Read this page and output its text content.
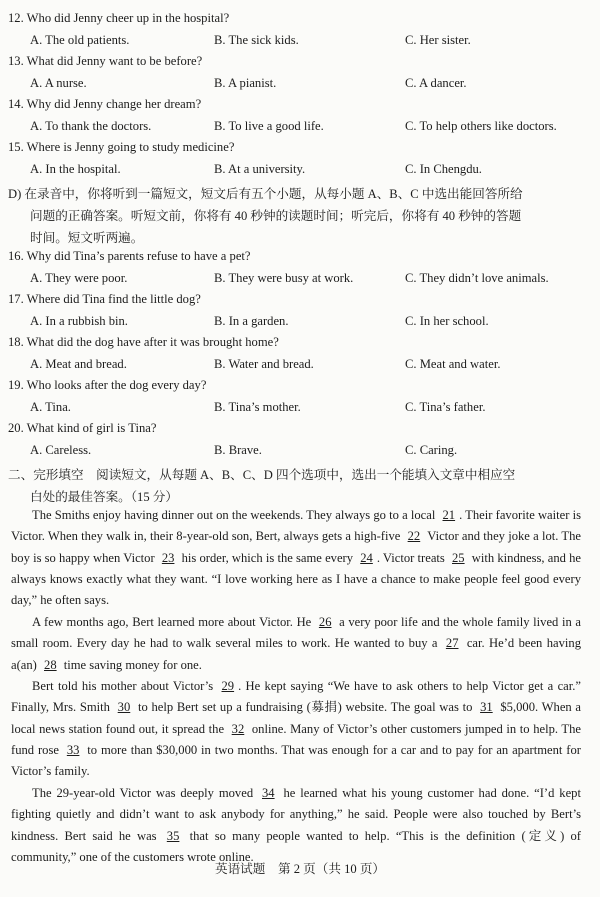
12. Who did Jenny cheer up in the hospital?
A. The old patients.	B. The sick kids.	C. Her sister.
13. What did Jenny want to be before?
A. A nurse.	B. A pianist.	C. A dancer.
14. Why did Jenny change her dream?
A. To thank the doctors.	B. To live a good life.	C. To help others like doctors.
15. Where is Jenny going to study medicine?
A. In the hospital.	B. At a university.	C. In Chengdu.
D) 在录音中，你将听到一篇短文，短文后有五个小题，从每小题 A、B、C 中选出能回答所给
问题的正确答案。听短文前，你将有 40 秒钟的读题时间；听完后，你将有 40 秒钟的答题
时间。短文听两遍。
16. Why did Tina’s parents refuse to have a pet?
A. They were poor.	B. They were busy at work.	C. They didn’t love animals.
17. Where did Tina find the little dog?
A. In a rubbish bin.	B. In a garden.	C. In her school.
18. What did the dog have after it was brought home?
A. Meat and bread.	B. Water and bread.	C. Meat and water.
19. Who looks after the dog every day?
A. Tina.	B. Tina’s mother.	C. Tina’s father.
20. What kind of girl is Tina?
A. Careless.	B. Brave.	C. Caring.
二、完形填空　阅读短文，从每题 A、B、C、D 四个选项中，选出一个能填入文章中相应空
白处的最佳答案。（15 分）
The Smiths enjoy having dinner out on the weekends. They always go to a local 21 . Their favorite waiter is Victor. When they walk in, their 8-year-old son, Bert, always gets a high-five 22 Victor and they joke a lot. The boy is so happy when Victor 23 his order, which is the same every 24 . Victor treats 25 with kindness, and he always knows exactly what they want. “I love working here as I have a chance to make people feel good every day,” he often says.
A few months ago, Bert learned more about Victor. He 26 a very poor life and the whole family lived in a small room. Every day he had to walk several miles to work. He wanted to buy a 27 car. He’d been having a(an) 28 time saving money for one.
Bert told his mother about Victor’s 29 . He kept saying “We have to ask others to help Victor get a car.” Finally, Mrs. Smith 30 to help Bert set up a fundraising (募捐) website. The goal was to 31 $5,000. When a local news station found out, it spread the 32 online. Many of Victor’s other customers jumped in to help. The fund rose 33 to more than $30,000 in two months. That was enough for a car and to pay for an apartment for Victor’s family.
The 29-year-old Victor was deeply moved 34 he learned what his young customer had done. “I’d kept fighting quietly and didn’t want to ask anybody for anything,” he said. People were also touched by Bert’s kindness. Bert said he was 35 that so many people wanted to help. “This is the definition (定义) of community,” one of the customers wrote online.
英语试题　第 2 页（共 10 页）
